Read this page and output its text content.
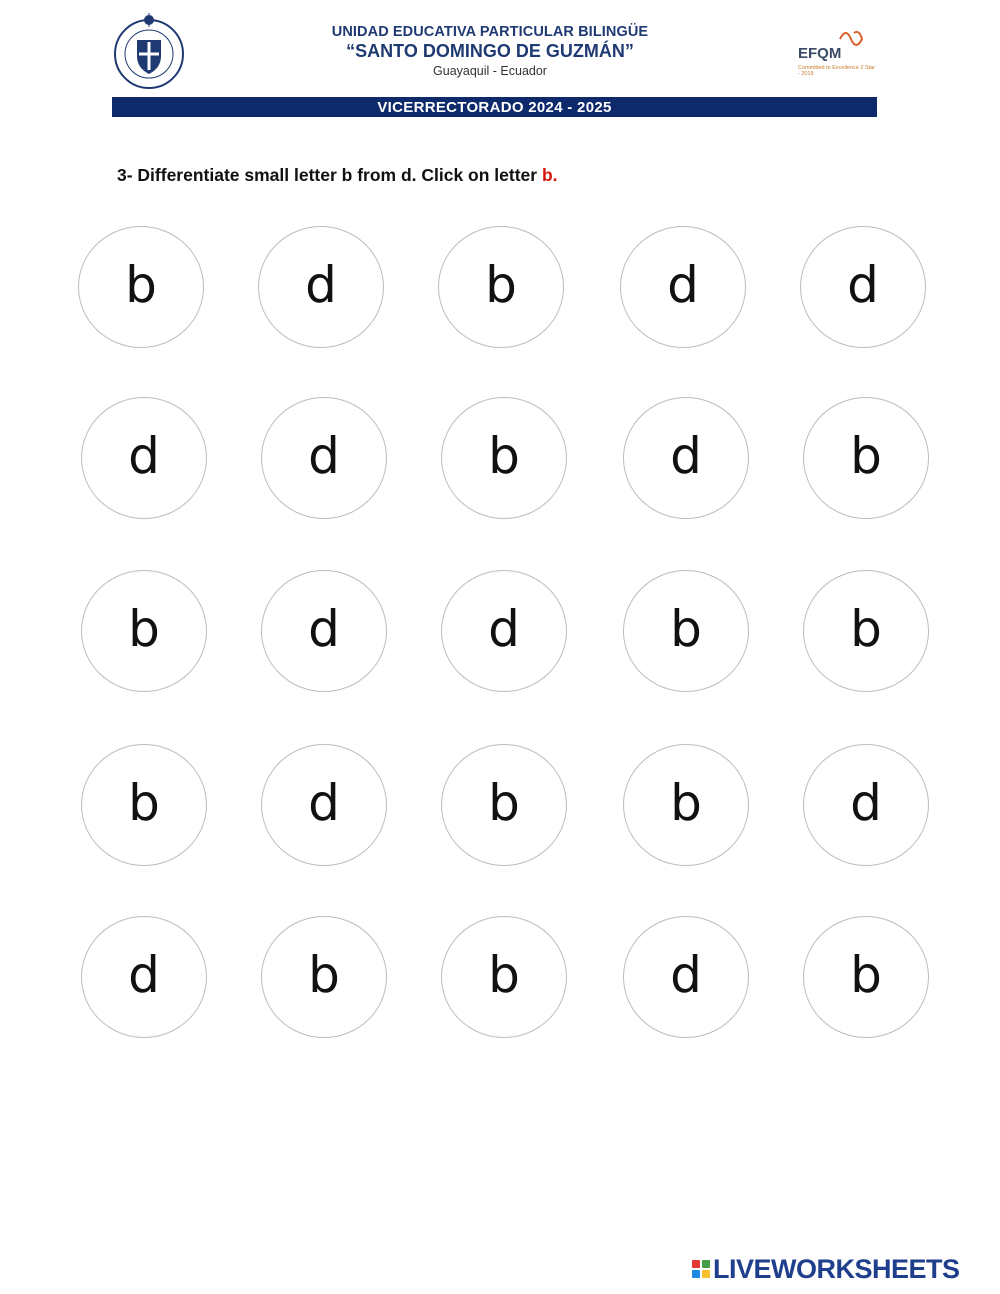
UNIDAD EDUCATIVA PARTICULAR BILINGÜE
“SANTO DOMINGO DE GUZMÁN”
Guayaquil - Ecuador
EFQM
Committed to Excellence 2 Star - 2019
VICERRECTORADO 2024 - 2025
3- Differentiate small letter b from d. Click on letter b.
b	d	b	d	d
d	d	b	d	b
b	d	d	b	b
b	d	b	b	d
d	b	b	d	b
LIVEWORKSHEETS
